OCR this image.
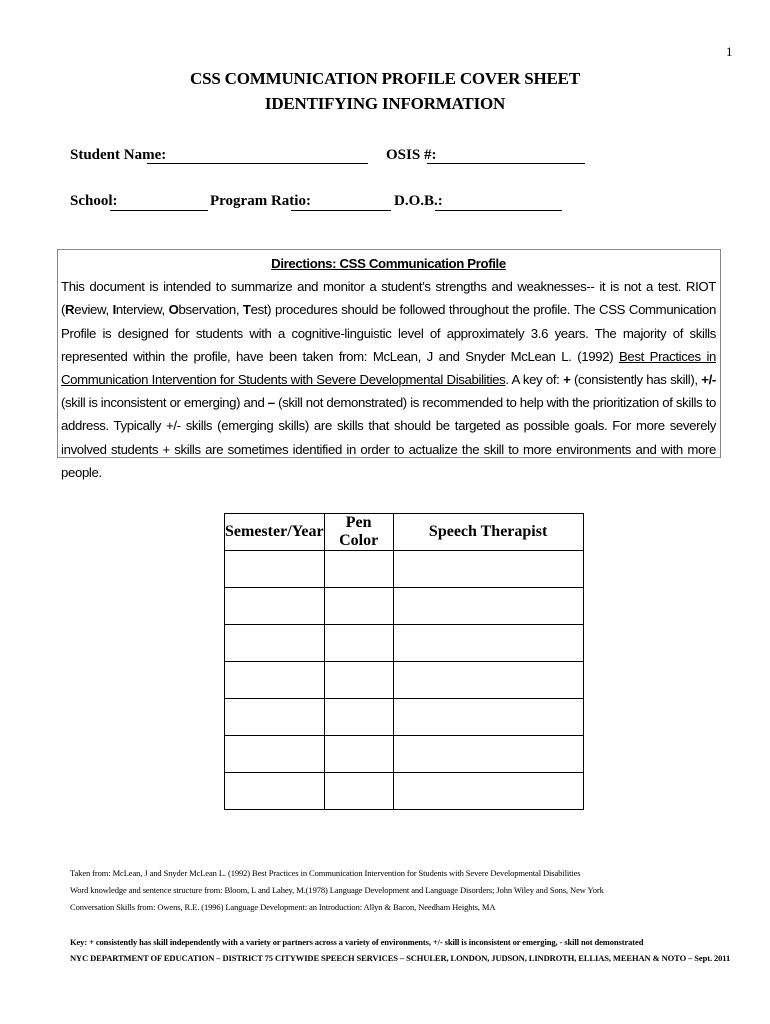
1
CSS COMMUNICATION PROFILE COVER SHEET
IDENTIFYING INFORMATION
Student Name:	OSIS #:
School:	Program Ratio:	D.O.B.:
Directions: CSS Communication Profile
This document is intended to summarize and monitor a student’s strengths and weaknesses-- it is not a test. RIOT (Review, Interview, Observation, Test) procedures should be followed throughout the profile. The CSS Communication Profile is designed for students with a cognitive-linguistic level of approximately 3.6 years. The majority of skills represented within the profile, have been taken from: McLean, J and Snyder McLean L. (1992) Best Practices in Communication Intervention for Students with Severe Developmental Disabilities. A key of: + (consistently has skill), +/- (skill is inconsistent or emerging) and – (skill not demonstrated) is recommended to help with the prioritization of skills to address. Typically +/- skills (emerging skills) are skills that should be targeted as possible goals. For more severely involved students + skills are sometimes identified in order to actualize the skill to more environments and with more people.
Semester/Year	Pen Color	Speech Therapist

Taken from: McLean, J and Snyder McLean L. (1992) Best Practices in Communication Intervention for Students with Severe Developmental Disabilities
Word knowledge and sentence structure from: Bloom, L and Lahey, M.(1978) Language Development and Language Disorders; John Wiley and Sons, New York
Conversation Skills from: Owens, R.E. (1996) Language Development: an Introduction: Allyn & Bacon, Needham Heights, MA
Key: + consistently has skill independently with a variety or partners across a variety of environments, +/- skill is inconsistent or emerging, - skill not demonstrated
NYC DEPARTMENT OF EDUCATION – DISTRICT 75 CITYWIDE SPEECH SERVICES – SCHULER, LONDON, JUDSON, LINDROTH, ELLIAS, MEEHAN & NOTO – Sept. 2011
